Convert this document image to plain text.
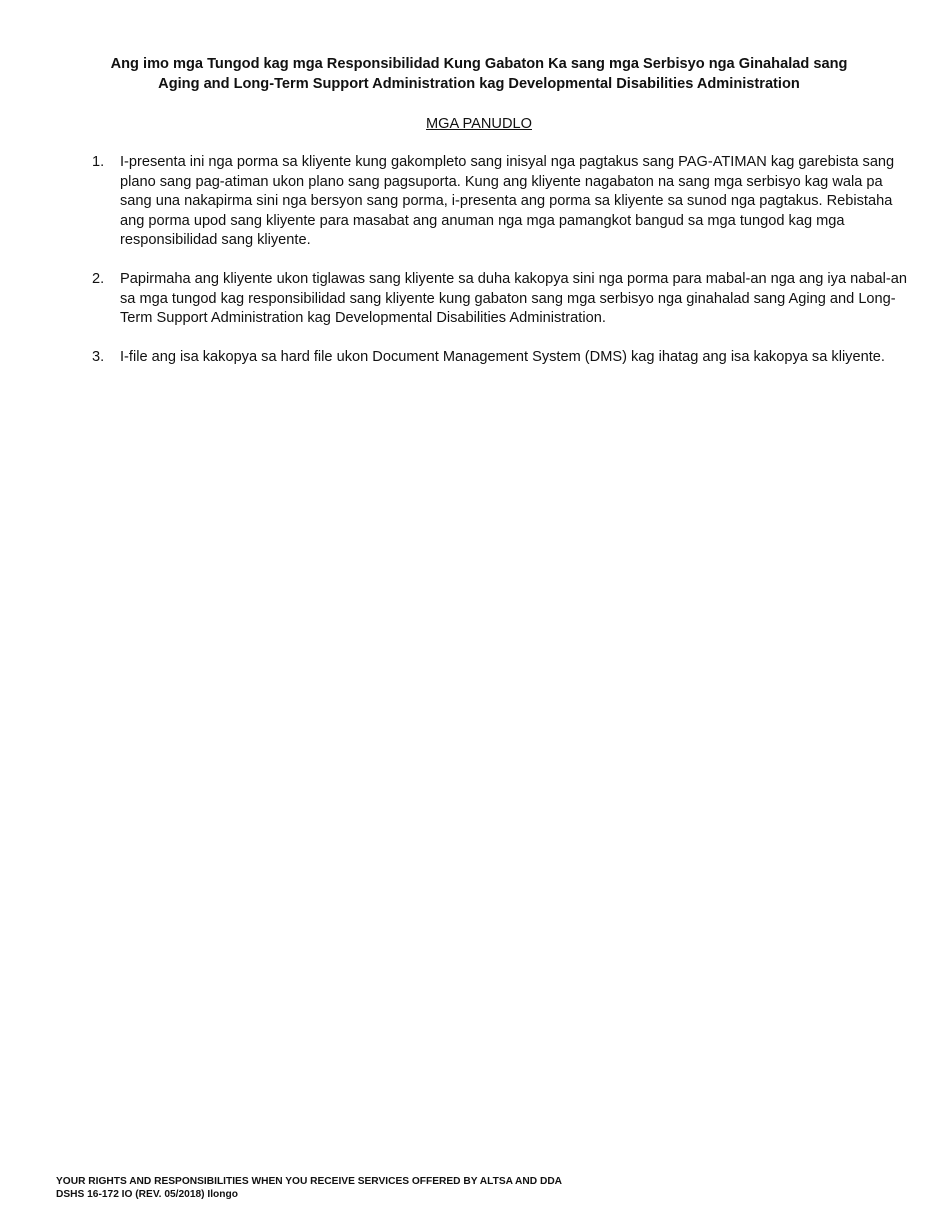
Ang imo mga Tungod kag mga Responsibilidad Kung Gabaton Ka sang mga Serbisyo nga Ginahalad sang
Aging and Long-Term Support Administration kag Developmental Disabilities Administration
MGA PANUDLO
1. I-presenta ini nga porma sa kliyente kung gakompleto sang inisyal nga pagtakus sang PAG-ATIMAN kag garebista sang plano sang pag-atiman ukon plano sang pagsuporta. Kung ang kliyente nagabaton na sang mga serbisyo kag wala pa sang una nakapirma sini nga bersyon sang porma, i-presenta ang porma sa kliyente sa sunod nga pagtakus. Rebistaha ang porma upod sang kliyente para masabat ang anuman nga mga pamangkot bangud sa mga tungod kag mga responsibilidad sang kliyente.
2. Papirmaha ang kliyente ukon tiglawas sang kliyente sa duha kakopya sini nga porma para mabal-an nga ang iya nabal-an sa mga tungod kag responsibilidad sang kliyente kung gabaton sang mga serbisyo nga ginahalad sang Aging and Long-Term Support Administration kag Developmental Disabilities Administration.
3. I-file ang isa kakopya sa hard file ukon Document Management System (DMS) kag ihatag ang isa kakopya sa kliyente.
YOUR RIGHTS AND RESPONSIBILITIES WHEN YOU RECEIVE SERVICES OFFERED BY ALTSA AND DDA
DSHS 16-172 IO (REV. 05/2018) Ilongo
